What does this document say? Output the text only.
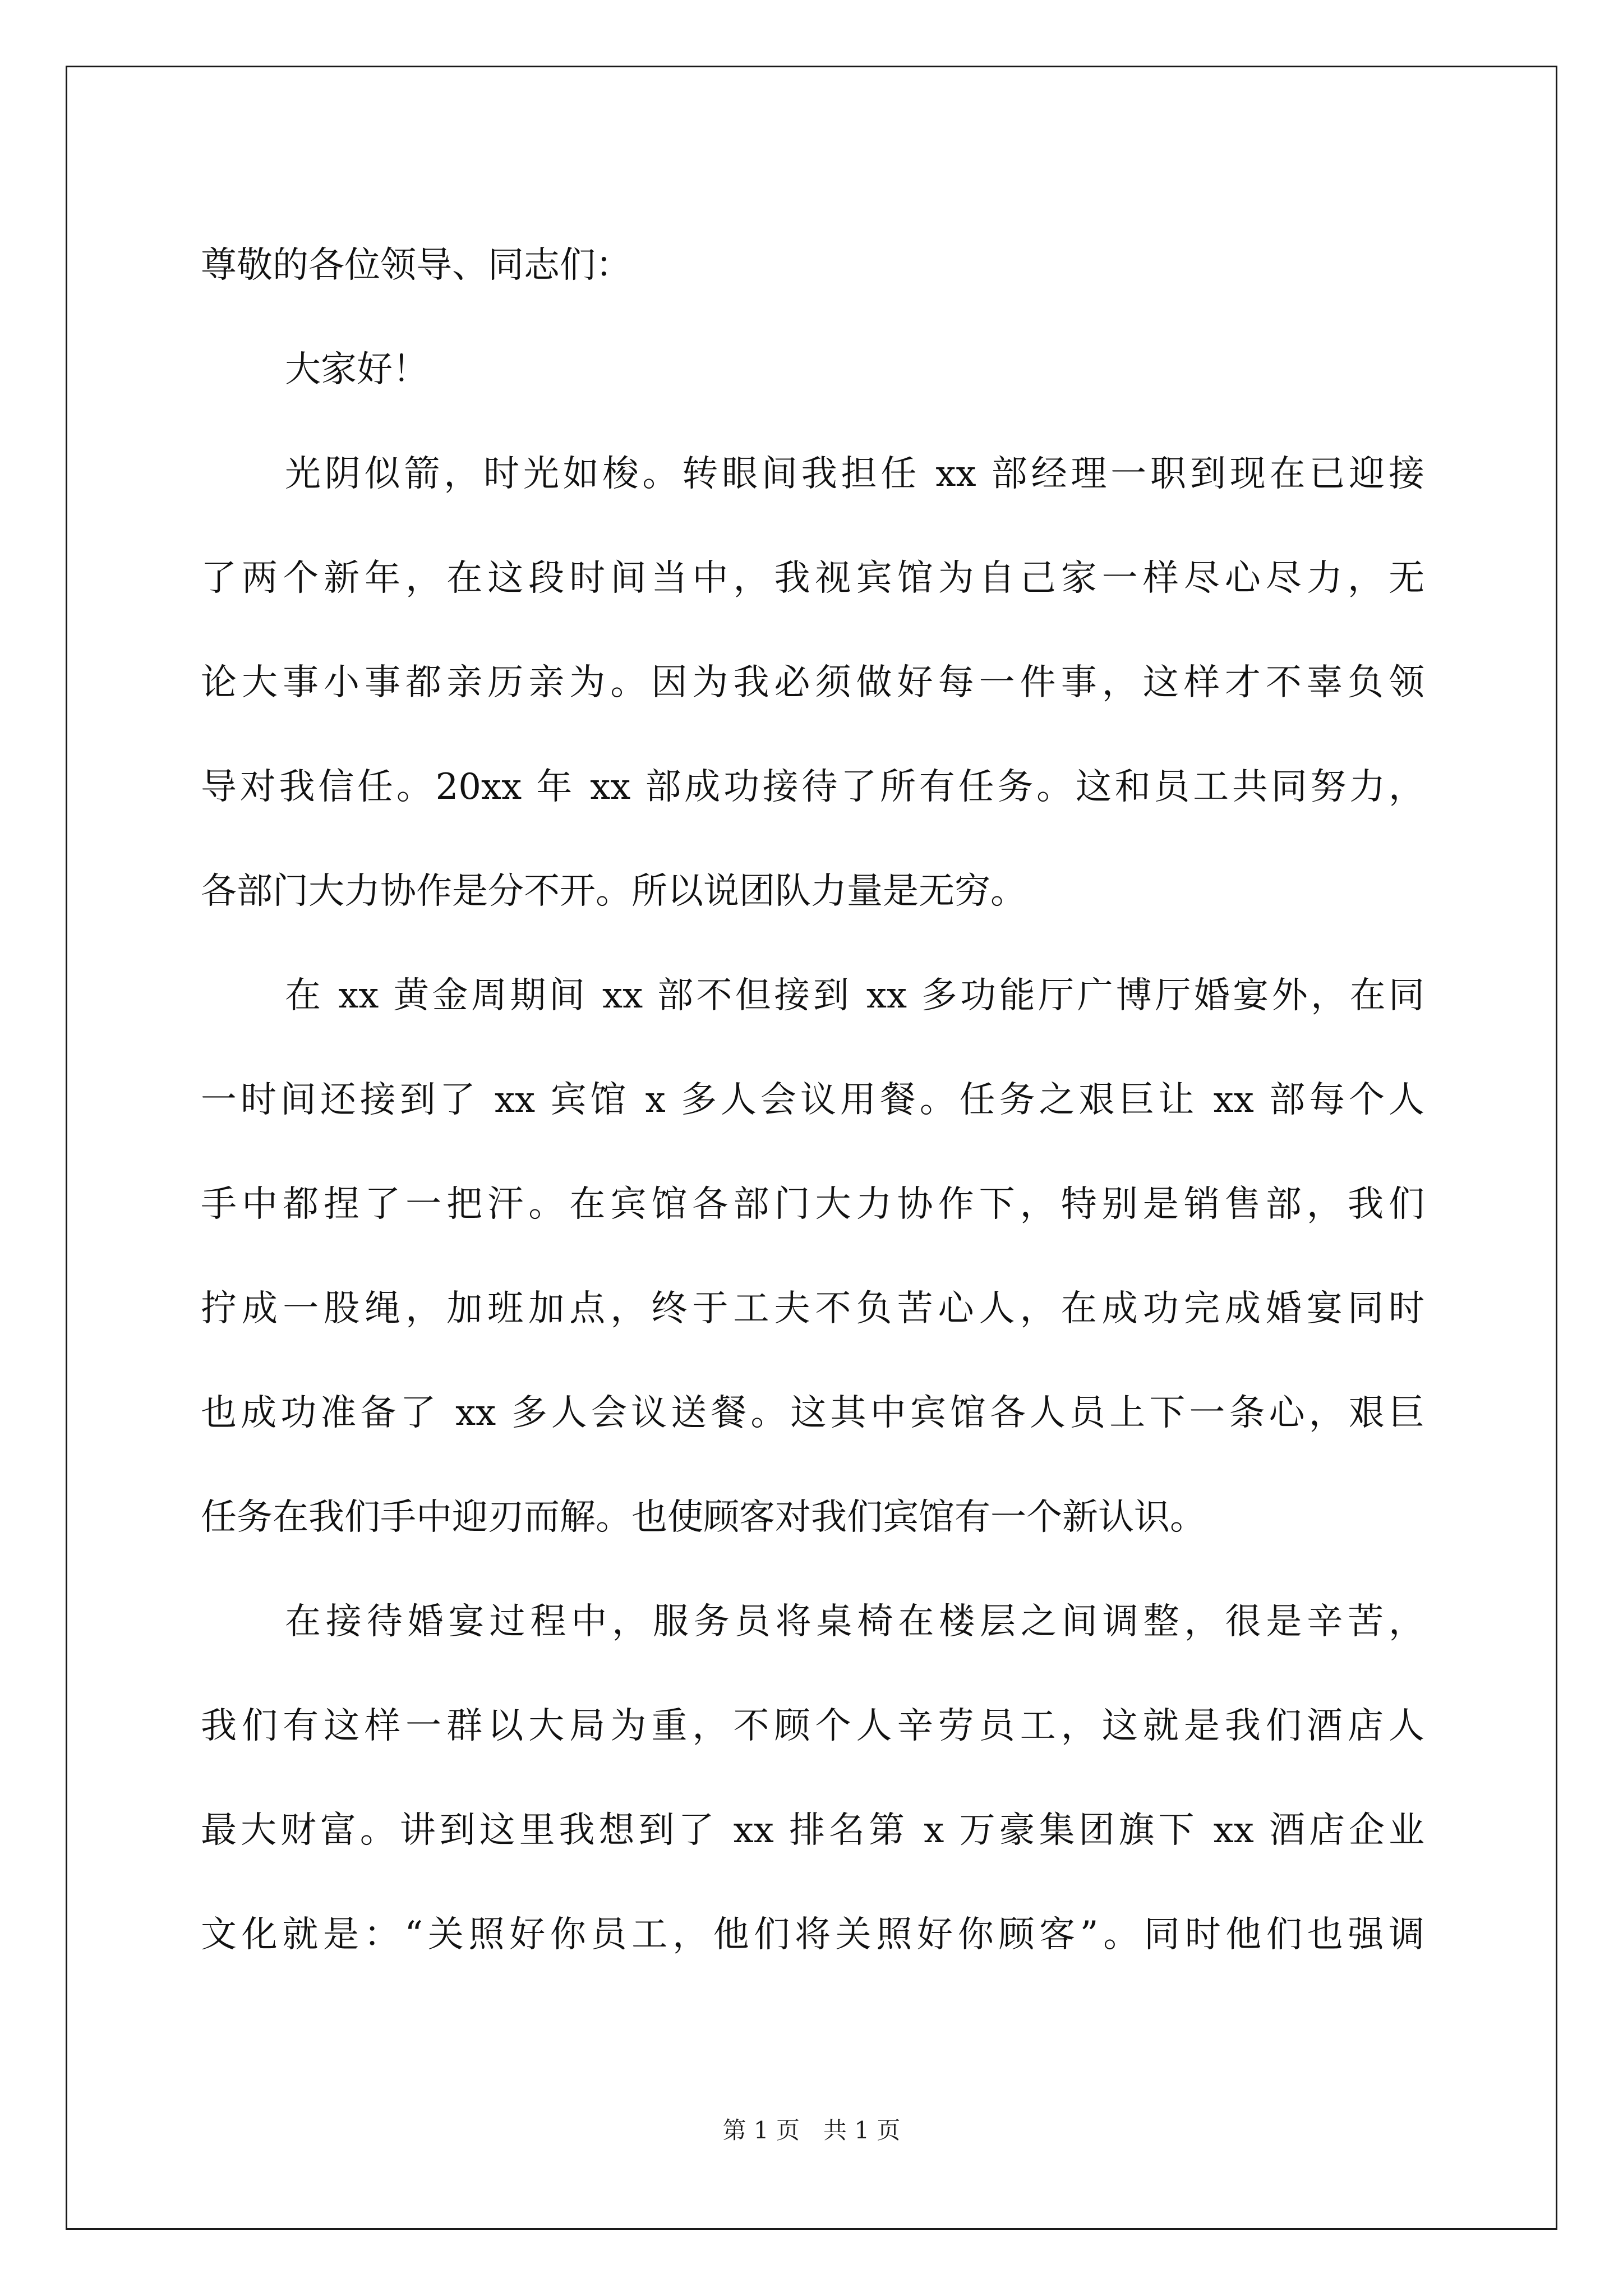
尊敬的各位领导、同志们：
大家好！
光阴似箭，时光如梭。转眼间我担任 xx 部经理一职到现在已迎接
了两个新年，在这段时间当中，我视宾馆为自己家一样尽心尽力，无
论大事小事都亲历亲为。因为我必须做好每一件事，这样才不辜负领
导对我信任。20xx 年 xx 部成功接待了所有任务。这和员工共同努力，
各部门大力协作是分不开。所以说团队力量是无穷。
在 xx 黄金周期间 xx 部不但接到 xx 多功能厅广博厅婚宴外，在同
一时间还接到了 xx 宾馆 x 多人会议用餐。任务之艰巨让 xx 部每个人
手中都捏了一把汗。在宾馆各部门大力协作下，特别是销售部，我们
拧成一股绳，加班加点，终于工夫不负苦心人，在成功完成婚宴同时
也成功准备了 xx 多人会议送餐。这其中宾馆各人员上下一条心，艰巨
任务在我们手中迎刃而解。也使顾客对我们宾馆有一个新认识。
在接待婚宴过程中，服务员将桌椅在楼层之间调整，很是辛苦，
我们有这样一群以大局为重，不顾个人辛劳员工，这就是我们酒店人
最大财富。讲到这里我想到了 xx 排名第 x 万豪集团旗下 xx 酒店企业
文化就是：“关照好你员工，他们将关照好你顾客”。同时他们也强调
第 1 页　共 1 页
